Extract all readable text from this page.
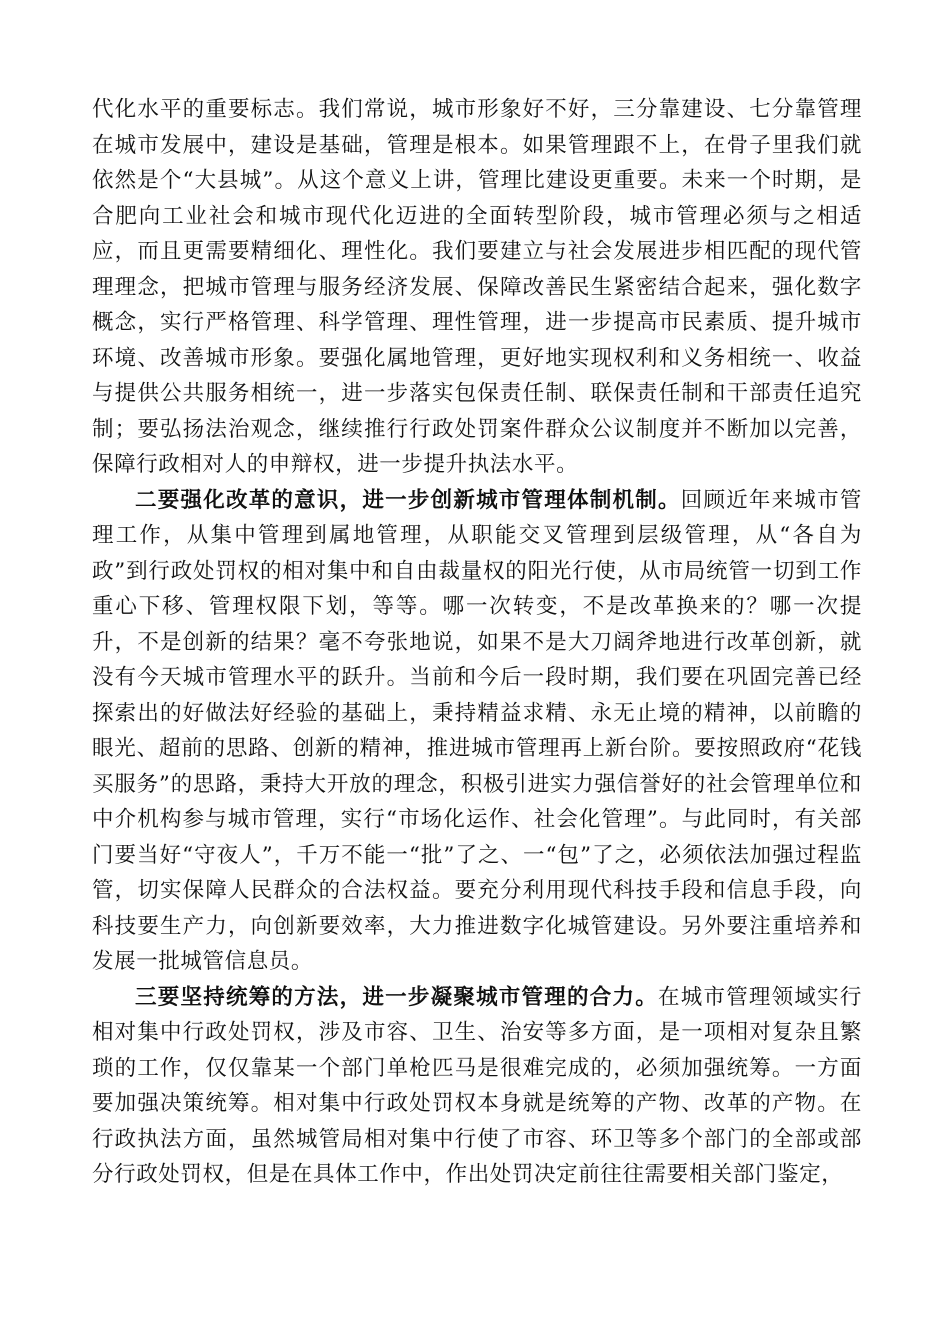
代化水平的重要标志。我们常说，城市形象好不好，三分靠建设、七分靠管理在城市发展中，建设是基础，管理是根本。如果管理跟不上，在骨子里我们就依然是个“大县城”。从这个意义上讲，管理比建设更重要。未来一个时期，是合肥向工业社会和城市现代化迈进的全面转型阶段，城市管理必须与之相适应，而且更需要精细化、理性化。我们要建立与社会发展进步相匹配的现代管理理念，把城市管理与服务经济发展、保障改善民生紧密结合起来，强化数字概念，实行严格管理、科学管理、理性管理，进一步提高市民素质、提升城市环境、改善城市形象。要强化属地管理，更好地实现权利和义务相统一、收益与提供公共服务相统一，进一步落实包保责任制、联保责任制和干部责任追究制；要弘扬法治观念，继续推行行政处罚案件群众公议制度并不断加以完善，保障行政相对人的申辩权，进一步提升执法水平。

二要强化改革的意识，进一步创新城市管理体制机制。回顾近年来城市管理工作，从集中管理到属地管理，从职能交叉管理到层级管理，从“各自为政”到行政处罚权的相对集中和自由裁量权的阳光行使，从市局统管一切到工作重心下移、管理权限下划，等等。哪一次转变，不是改革换来的？哪一次提升，不是创新的结果？毫不夸张地说，如果不是大刀阔斧地进行改革创新，就没有今天城市管理水平的跃升。当前和今后一段时期，我们要在巩固完善已经探索出的好做法好经验的基础上，秉持精益求精、永无止境的精神，以前瞻的眼光、超前的思路、创新的精神，推进城市管理再上新台阶。要按照政府“花钱买服务”的思路，秉持大开放的理念，积极引进实力强信誉好的社会管理单位和中介机构参与城市管理，实行“市场化运作、社会化管理”。与此同时，有关部门要当好“守夜人”，千万不能一“批”了之、一“包”了之，必须依法加强过程监管，切实保障人民群众的合法权益。要充分利用现代科技手段和信息手段，向科技要生产力，向创新要效率，大力推进数字化城管建设。另外要注重培养和发展一批城管信息员。

三要坚持统筹的方法，进一步凝聚城市管理的合力。在城市管理领域实行相对集中行政处罚权，涉及市容、卫生、治安等多方面，是一项相对复杂且繁琐的工作，仅仅靠某一个部门单枪匹马是很难完成的，必须加强统筹。一方面要加强决策统筹。相对集中行政处罚权本身就是统筹的产物、改革的产物。在行政执法方面，虽然城管局相对集中行使了市容、环卫等多个部门的全部或部分行政处罚权，但是在具体工作中，作出处罚决定前往往需要相关部门鉴定，
